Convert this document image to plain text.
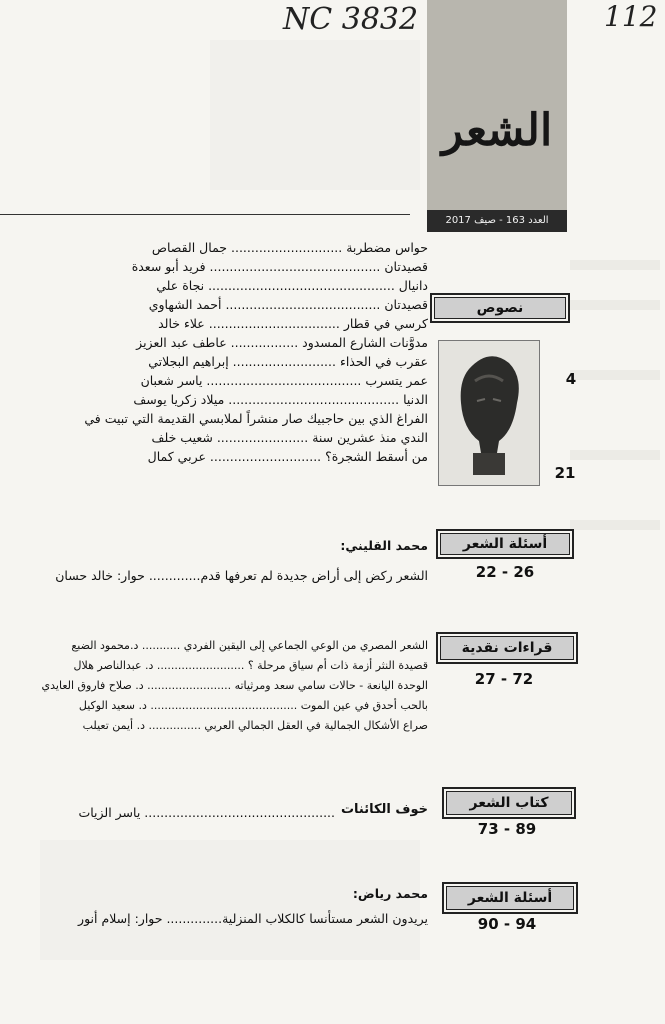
NC 3832	112
الشعر
العدد 163 - صيف 2017
حواس مضطربة ............................ جمال القصاص
قصيدتان ........................................... فريد أبو سعدة
دانيال ............................................... نجاة علي
قصيدتان ....................................... أحمد الشهاوي
كرسي في قطار ................................. علاء خالد
مدوَّنات الشارع المسدود ................. عاطف عبد العزيز
عقرب في الحذاء .......................... إبراهيم البجلاتي
عمر يتسرب ....................................... ياسر شعبان
الدنيا ........................................... ميلاد زكريا يوسف
الفراغ الذي بين حاجبيك صار منشراً لملابسي القديمة التي تبيت في
الندي منذ عشرين سنة ....................... شعيب خلف
من أسقط الشجرة؟ ............................ عربي كمال
نصوص
4
21
أسئلة الشعر
محمد القليني:
الشعر ركض إلى أراض جديدة لم تعرفها قدم............. حوار: خالد حسان	22 - 26
قراءات نقدية
الشعر المصري من الوعي الجماعي إلى اليقين الفردي ........... د.محمود الضبع
قصيدة النثر أزمة ذات أم سياق مرحلة ؟ ......................... د. عبدالناصر هلال
الوحدة اليانعة - حالات سامي سعد ومرثياته ........................ د. صلاح فاروق العايدي
بالحب أحدق في عين الموت .......................................... د. سعيد الوكيل
صراع الأشكال الجمالية في العقل الجمالي العربي ............... د. أيمن تعيلب
27 - 72
كتاب الشعر
خوف الكائنات
................................................ ياسر الزيات
73 - 89
أسئلة الشعر
محمد رياض:
يريدون الشعر مستأنسا كالكلاب المنزلية.............. حوار: إسلام أنور	90 - 94
